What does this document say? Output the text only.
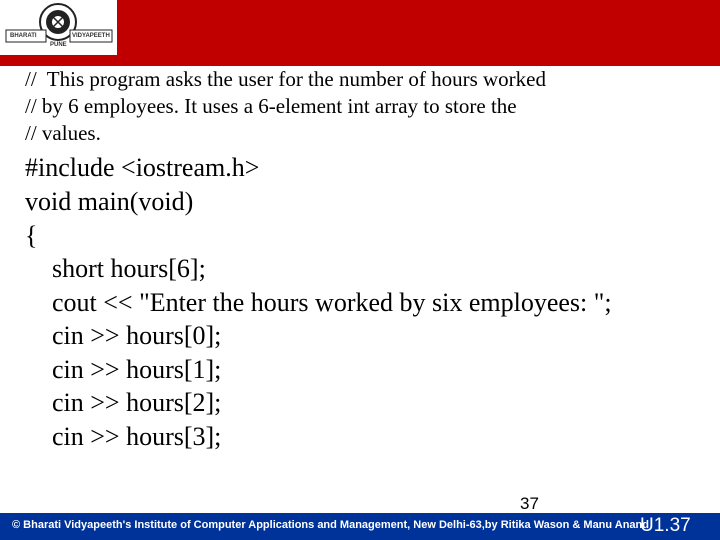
BHARATI	VIDYAPEETH
PUNE
//  This program asks the user for the number of hours worked
// by 6 employees. It uses a 6-element int array to store the
// values.
#include <iostream.h>
void main(void)
{
short hours[6];
cout << "Enter the hours worked by six employees: ";
cin >> hours[0];
cin >> hours[1];
cin >> hours[2];
cin >> hours[3];
37
© Bharati Vidyapeeth's Institute of Computer Applications and Management, New Delhi-63,by Ritika Wason & Manu Anand
U1.37
